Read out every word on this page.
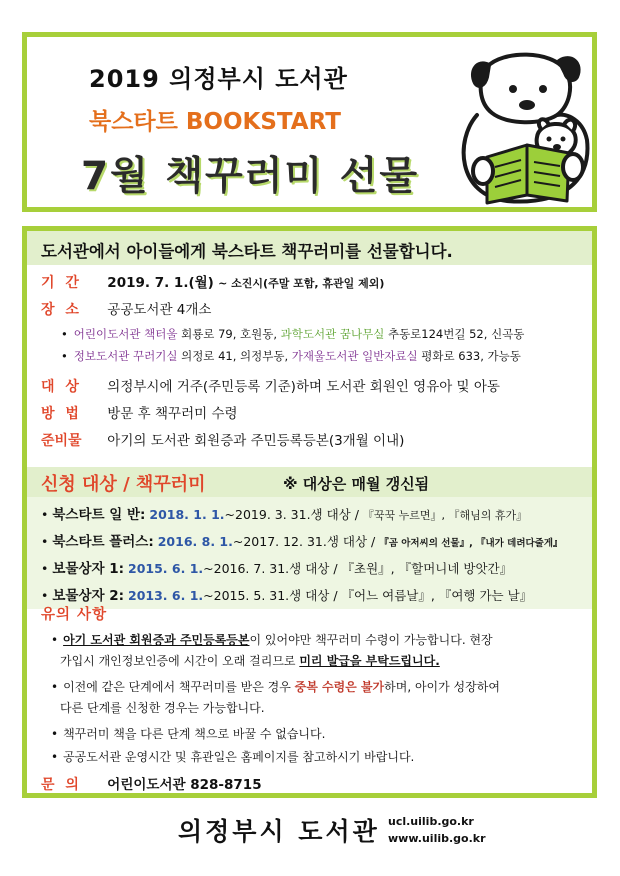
2019 의정부시 도서관
북스타트 BOOKSTART
7월 책꾸러미 선물
도서관에서 아이들에게 북스타트 책꾸러미를 선물합니다.
기 간 2019. 7. 1.(월) ~ 소진시(주말 포함, 휴관일 제외)
장 소 공공도서관 4개소
• 어린이도서관 책터울 회룡로 79, 호원동, 과학도서관 꿈나무실 추동로124번길 52, 신곡동
• 정보도서관 꾸러기실 의정로 41, 의정부동, 가재울도서관 일반자료실 평화로 633, 가능동
대 상 의정부시에 거주(주민등록 기준)하며 도서관 회원인 영유아 및 아동
방 법 방문 후 책꾸러미 수령
준비물 아기의 도서관 회원증과 주민등록등본(3개월 이내)
신청 대상 / 책꾸러미	※ 대상은 매월 갱신됨
• 북스타트 일 반: 2018. 1. 1.~2019. 3. 31.생 대상 / 『꾹꾹 누르면』, 『해님의 휴가』
• 북스타트 플러스: 2016. 8. 1.~2017. 12. 31.생 대상 / 『곰 아저씨의 선물』, 『내가 데려다줄게』
• 보물상자 1: 2015. 6. 1.~2016. 7. 31.생 대상 / 『초원』, 『할머니네 방앗간』
• 보물상자 2: 2013. 6. 1.~2015. 5. 31.생 대상 / 『어느 여름날』, 『여행 가는 날』
유의 사항
• 아기 도서관 회원증과 주민등록등본이 있어야만 책꾸러미 수령이 가능합니다. 현장
가입시 개인정보인증에 시간이 오래 걸리므로 미리 발급을 부탁드립니다.
• 이전에 같은 단계에서 책꾸러미를 받은 경우 중복 수령은 불가하며, 아이가 성장하여
다른 단계를 신청한 경우는 가능합니다.
• 책꾸러미 책을 다른 단계 책으로 바꿀 수 없습니다.
• 공공도서관 운영시간 및 휴관일은 홈페이지를 참고하시기 바랍니다.
문 의 어린이도서관 828-8715
의정부시 도서관 ucl.uilib.go.kr
www.uilib.go.kr
